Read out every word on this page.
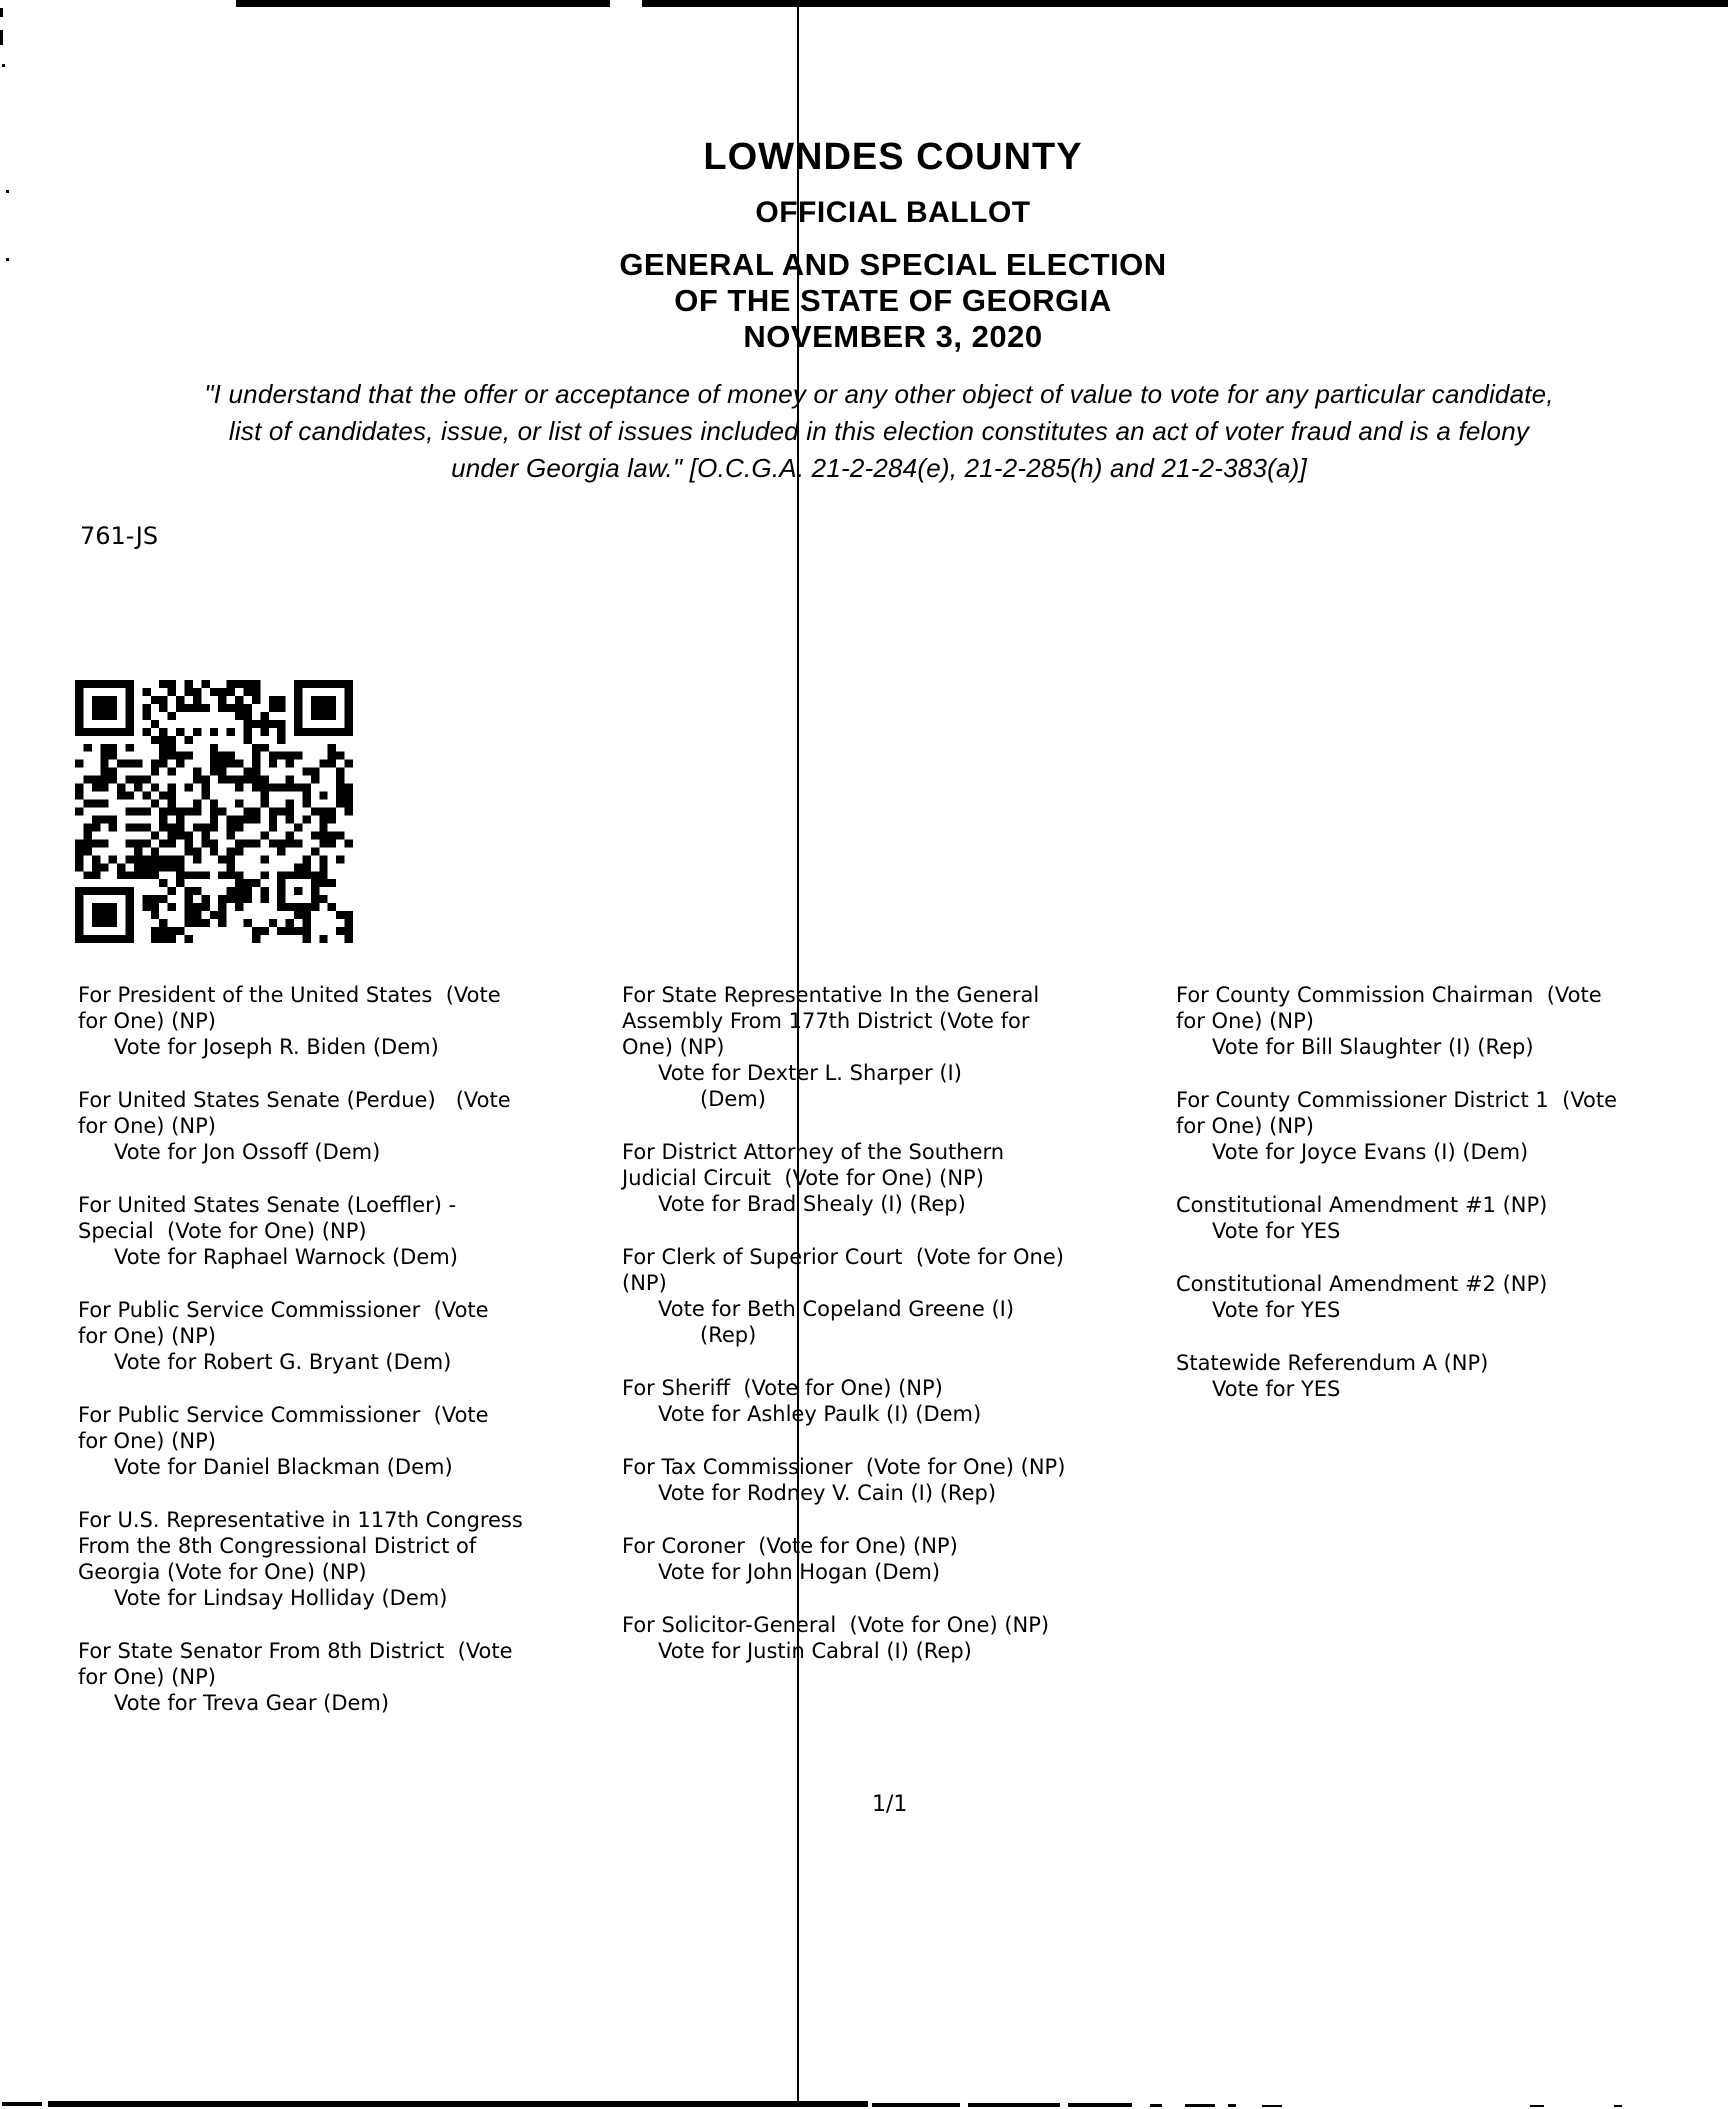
LOWNDES COUNTY
OFFICIAL BALLOT
GENERAL AND SPECIAL ELECTION
OF THE STATE OF GEORGIA
NOVEMBER 3, 2020
"I understand that the offer or acceptance of money or any other object of value to vote for any particular candidate,
list of candidates, issue, or list of issues included in this election constitutes an act of voter fraud and is a felony
under Georgia law." [O.C.G.A. 21-2-284(e), 21-2-285(h) and 21-2-383(a)]
761-JS
For President of the United States  (Vote
for One) (NP)
Vote for Joseph R. Biden (Dem)
For United States Senate (Perdue)   (Vote
for One) (NP)
Vote for Jon Ossoff (Dem)
For United States Senate (Loeffler) -
Special  (Vote for One) (NP)
Vote for Raphael Warnock (Dem)
For Public Service Commissioner  (Vote
for One) (NP)
Vote for Robert G. Bryant (Dem)
For Public Service Commissioner  (Vote
for One) (NP)
Vote for Daniel Blackman (Dem)
For U.S. Representative in 117th Congress
From the 8th Congressional District of
Georgia (Vote for One) (NP)
Vote for Lindsay Holliday (Dem)
For State Senator From 8th District  (Vote
for One) (NP)
Vote for Treva Gear (Dem)
For State Representative In the General
Assembly From 177th District (Vote for
One) (NP)
Vote for Dexter L. Sharper (I)
(Dem)
For District Attorney of the Southern
Judicial Circuit  (Vote for One) (NP)
Vote for Brad Shealy (I) (Rep)
For Clerk of Superior Court  (Vote for One)
(NP)
Vote for Beth Copeland Greene (I)
(Rep)
For Sheriff  (Vote for One) (NP)
Vote for Ashley Paulk (I) (Dem)
For Tax Commissioner  (Vote for One) (NP)
Vote for Rodney V. Cain (I) (Rep)
For Coroner  (Vote for One) (NP)
Vote for John Hogan (Dem)
For Solicitor-General  (Vote for One) (NP)
Vote for Justin Cabral (I) (Rep)
For County Commission Chairman  (Vote
for One) (NP)
Vote for Bill Slaughter (I) (Rep)
For County Commissioner District 1  (Vote
for One) (NP)
Vote for Joyce Evans (I) (Dem)
Constitutional Amendment #1 (NP)
Vote for YES
Constitutional Amendment #2 (NP)
Vote for YES
Statewide Referendum A (NP)
Vote for YES
1/1
